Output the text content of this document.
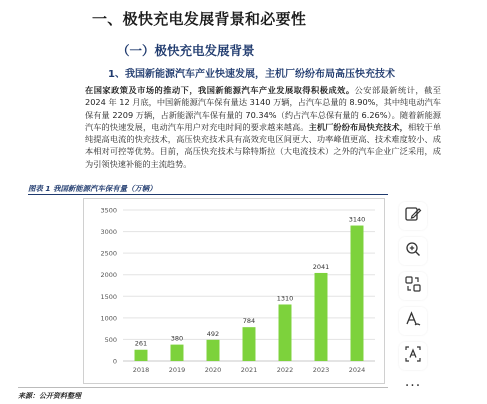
一、极快充电发展背景和必要性
（一）极快充电发展背景
1、我国新能源汽车产业快速发展，主机厂纷纷布局高压快充技术
在国家政策及市场的推动下，我国新能源汽车产业发展取得积极成效。公安部最新统计，截至 2024 年 12 月底，中国新能源汽车保有量达 3140 万辆，占汽车总量的 8.90%，其中纯电动汽车保有量 2209 万辆，占新能源汽车保有量的 70.34%（约占汽车总保有量的 6.26%）。随着新能源汽车的快速发展，电动汽车用户对充电时间的要求越来越高。主机厂纷纷布局快充技术，相较于单纯提高电流的快充技术，高压快充技术具有高效充电区间更大、功率峰值更高、技术难度较小、成本相对可控等优势。目前，高压快充技术与除特斯拉（大电流技术）之外的汽车企业广泛采用，成为引领快速补能的主流趋势。
图表 1 我国新能源汽车保有量（万辆）
0
500
1000
1500
2000
2500
3000
3500
261
2018
380
2019
492
2020
784
2021
1310
2022
2041
2023
3140
2024
来源：公开资料整理
···
